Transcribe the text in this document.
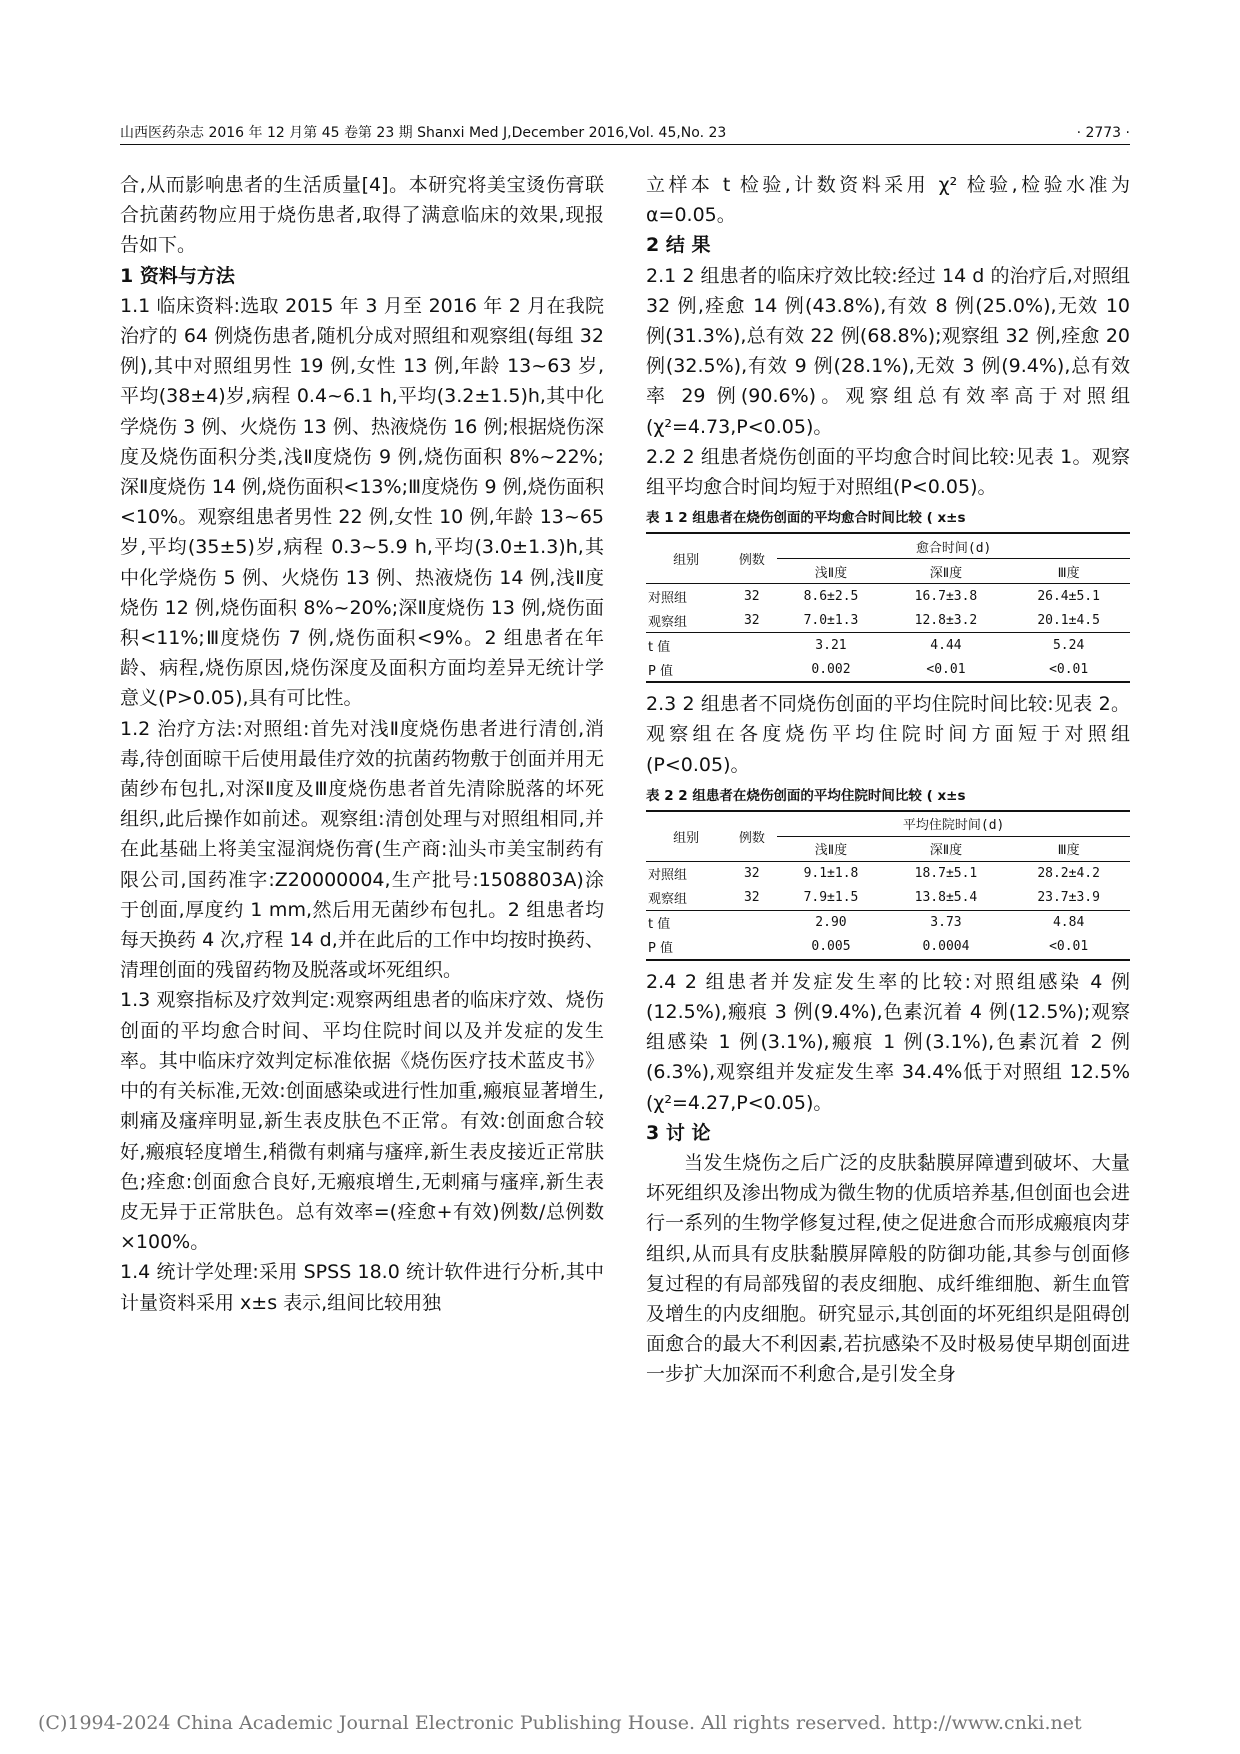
山西医药杂志 2016 年 12 月第 45 卷第 23 期 Shanxi Med J,December 2016,Vol. 45,No. 23	· 2773 ·

合,从而影响患者的生活质量[4]。本研究将美宝烫伤膏联合抗菌药物应用于烧伤患者,取得了满意临床的效果,现报告如下。

1 资料与方法

1.1 临床资料:选取 2015 年 3 月至 2016 年 2 月在我院治疗的 64 例烧伤患者,随机分成对照组和观察组(每组 32 例),其中对照组男性 19 例,女性 13 例,年龄 13~63 岁,平均(38±4)岁,病程 0.4~6.1 h,平均(3.2±1.5)h,其中化学烧伤 3 例、火烧伤 13 例、热液烧伤 16 例;根据烧伤深度及烧伤面积分类,浅Ⅱ度烧伤 9 例,烧伤面积 8%~22%;深Ⅱ度烧伤 14 例,烧伤面积<13%;Ⅲ度烧伤 9 例,烧伤面积<10%。观察组患者男性 22 例,女性 10 例,年龄 13~65 岁,平均(35±5)岁,病程 0.3~5.9 h,平均(3.0±1.3)h,其中化学烧伤 5 例、火烧伤 13 例、热液烧伤 14 例,浅Ⅱ度烧伤 12 例,烧伤面积 8%~20%;深Ⅱ度烧伤 13 例,烧伤面积<11%;Ⅲ度烧伤 7 例,烧伤面积<9%。2 组患者在年龄、病程,烧伤原因,烧伤深度及面积方面均差异无统计学意义(P>0.05),具有可比性。

1.2 治疗方法:对照组:首先对浅Ⅱ度烧伤患者进行清创,消毒,待创面晾干后使用最佳疗效的抗菌药物敷于创面并用无菌纱布包扎,对深Ⅱ度及Ⅲ度烧伤患者首先清除脱落的坏死组织,此后操作如前述。观察组:清创处理与对照组相同,并在此基础上将美宝湿润烧伤膏(生产商:汕头市美宝制药有限公司,国药准字:Z20000004,生产批号:1508803A)涂于创面,厚度约 1 mm,然后用无菌纱布包扎。2 组患者均每天换药 4 次,疗程 14 d,并在此后的工作中均按时换药、清理创面的残留药物及脱落或坏死组织。

1.3 观察指标及疗效判定:观察两组患者的临床疗效、烧伤创面的平均愈合时间、平均住院时间以及并发症的发生率。其中临床疗效判定标准依据《烧伤医疗技术蓝皮书》中的有关标准,无效:创面感染或进行性加重,瘢痕显著增生,刺痛及瘙痒明显,新生表皮肤色不正常。有效:创面愈合较好,瘢痕轻度增生,稍微有刺痛与瘙痒,新生表皮接近正常肤色;痊愈:创面愈合良好,无瘢痕增生,无刺痛与瘙痒,新生表皮无异于正常肤色。总有效率=(痊愈+有效)例数/总例数×100%。

1.4 统计学处理:采用 SPSS 18.0 统计软件进行分析,其中计量资料采用 x±s 表示,组间比较用独

立样本 t 检验,计数资料采用 χ² 检验,检验水准为 α=0.05。

2 结 果

2.1 2 组患者的临床疗效比较:经过 14 d 的治疗后,对照组 32 例,痊愈 14 例(43.8%),有效 8 例(25.0%),无效 10 例(31.3%),总有效 22 例(68.8%);观察组 32 例,痊愈 20 例(32.5%),有效 9 例(28.1%),无效 3 例(9.4%),总有效率 29 例(90.6%)。观察组总有效率高于对照组(χ²=4.73,P<0.05)。

2.2 2 组患者烧伤创面的平均愈合时间比较:见表 1。观察组平均愈合时间均短于对照组(P<0.05)。

表 1 2 组患者在烧伤创面的平均愈合时间比较 ( x±s
组别	例数	愈合时间(d)		
		浅Ⅱ度	深Ⅱ度	Ⅲ度
对照组	32	8.6±2.5	16.7±3.8	26.4±5.1
观察组	32	7.0±1.3	12.8±3.2	20.1±4.5
t 值		3.21	4.44	5.24
P 值		0.002	<0.01	<0.01

2.3 2 组患者不同烧伤创面的平均住院时间比较:见表 2。观察组在各度烧伤平均住院时间方面短于对照组(P<0.05)。

表 2 2 组患者在烧伤创面的平均住院时间比较 ( x±s
组别	例数	平均住院时间(d)		
		浅Ⅱ度	深Ⅱ度	Ⅲ度
对照组	32	9.1±1.8	18.7±5.1	28.2±4.2
观察组	32	7.9±1.5	13.8±5.4	23.7±3.9
t 值		2.90	3.73	4.84
P 值		0.005	0.0004	<0.01

2.4 2 组患者并发症发生率的比较:对照组感染 4 例(12.5%),瘢痕 3 例(9.4%),色素沉着 4 例(12.5%);观察组感染 1 例(3.1%),瘢痕 1 例(3.1%),色素沉着 2 例(6.3%),观察组并发症发生率 34.4%低于对照组 12.5%(χ²=4.27,P<0.05)。

3 讨 论

当发生烧伤之后广泛的皮肤黏膜屏障遭到破坏、大量坏死组织及渗出物成为微生物的优质培养基,但创面也会进行一系列的生物学修复过程,使之促进愈合而形成瘢痕肉芽组织,从而具有皮肤黏膜屏障般的防御功能,其参与创面修复过程的有局部残留的表皮细胞、成纤维细胞、新生血管及增生的内皮细胞。研究显示,其创面的坏死组织是阻碍创面愈合的最大不利因素,若抗感染不及时极易使早期创面进一步扩大加深而不利愈合,是引发全身

(C)1994-2024 China Academic Journal Electronic Publishing House. All rights reserved. http://www.cnki.net
